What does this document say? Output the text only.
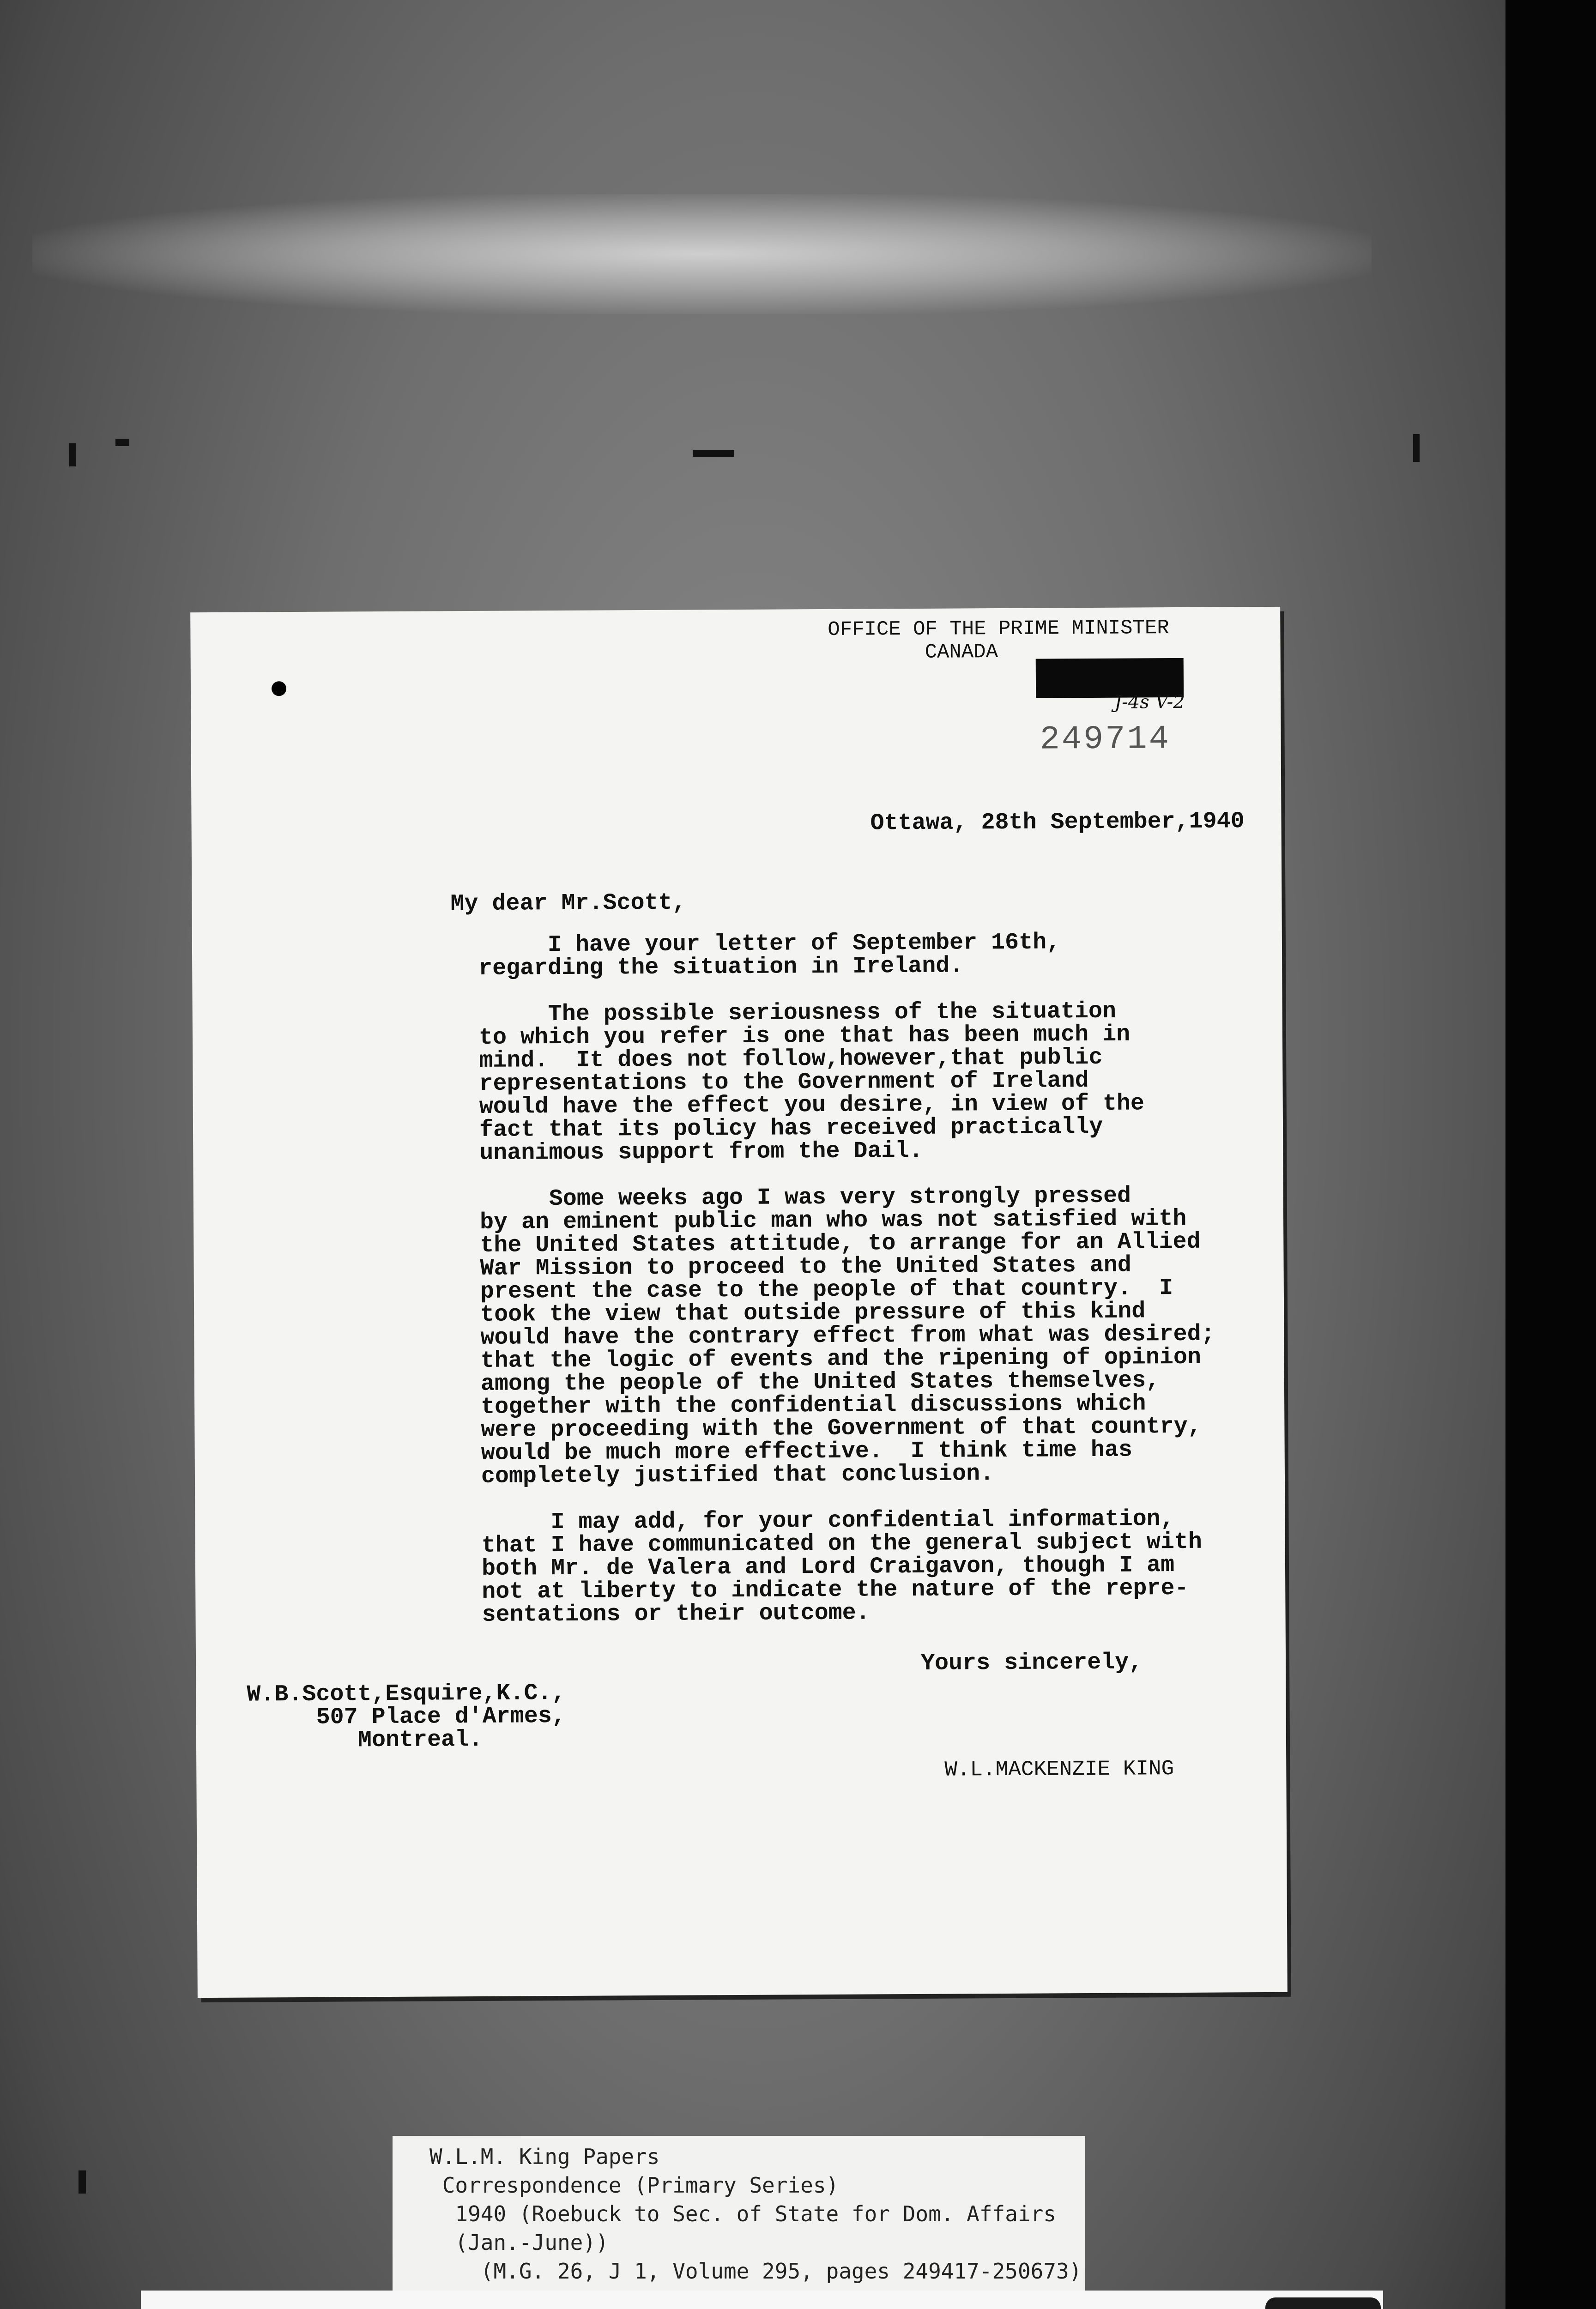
OFFICE OF THE PRIME MINISTER
CANADA
J-4s V-2
249714
Ottawa, 28th September,1940
My dear Mr.Scott,
I have your letter of September 16th,
regarding the situation in Ireland.
The possible seriousness of the situation
to which you refer is one that has been much in
mind.  It does not follow,however,that public
representations to the Government of Ireland
would have the effect you desire, in view of the
fact that its policy has received practically
unanimous support from the Dail.
Some weeks ago I was very strongly pressed
by an eminent public man who was not satisfied with
the United States attitude, to arrange for an Allied
War Mission to proceed to the United States and
present the case to the people of that country.  I
took the view that outside pressure of this kind
would have the contrary effect from what was desired;
that the logic of events and the ripening of opinion
among the people of the United States themselves,
together with the confidential discussions which
were proceeding with the Government of that country,
would be much more effective.  I think time has
completely justified that conclusion.
I may add, for your confidential information,
that I have communicated on the general subject with
both Mr. de Valera and Lord Craigavon, though I am
not at liberty to indicate the nature of the repre-
sentations or their outcome.
Yours sincerely,
W.B.Scott,Esquire,K.C.,
507 Place d'Armes,
Montreal.
W.L.MACKENZIE KING
W.L.M. King Papers
Correspondence (Primary Series)
1940 (Roebuck to Sec. of State for Dom. Affairs
(Jan.-June))
(M.G. 26, J 1, Volume 295, pages 249417-250673)
